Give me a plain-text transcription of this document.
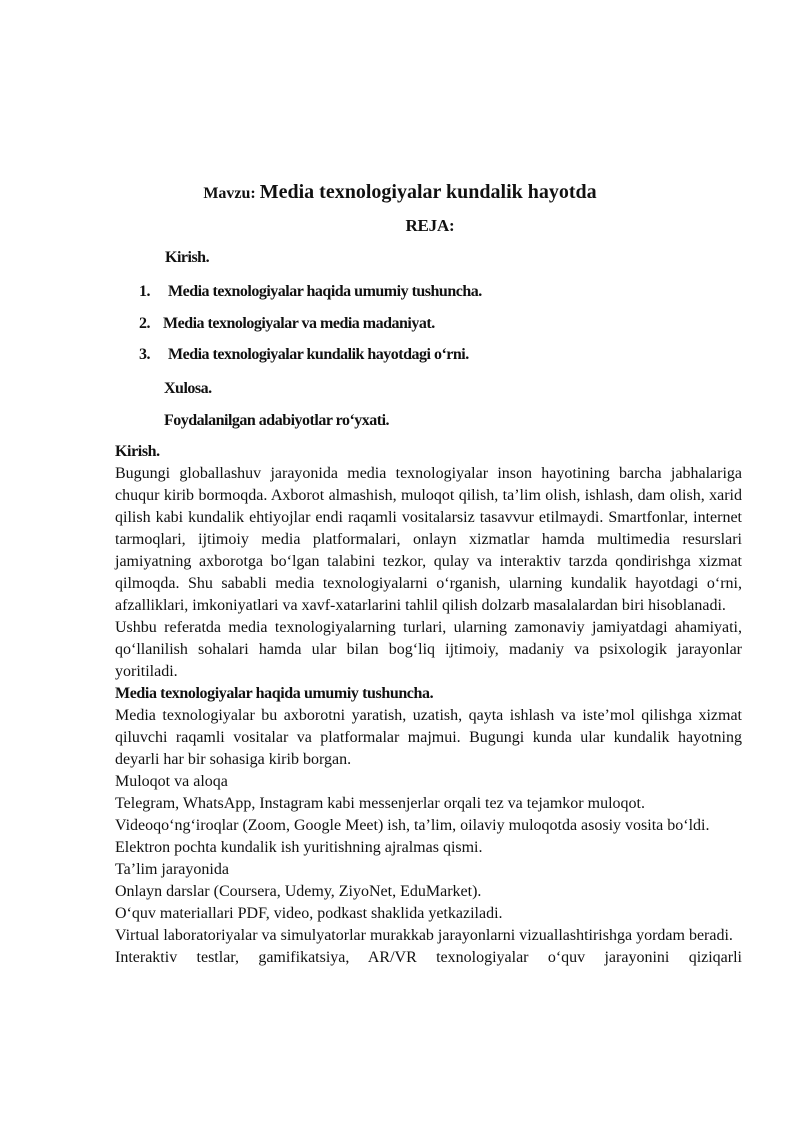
Mavzu: Media texnologiyalar kundalik hayotda
REJA:
Kirish.
1. Media texnologiyalar haqida umumiy tushuncha.
2. Media texnologiyalar va media madaniyat.
3. Media texnologiyalar kundalik hayotdagi o‘rni.
Xulosa.
Foydalanilgan adabiyotlar ro‘yxati.

Kirish.

Bugungi globallashuv jarayonida media texnologiyalar inson hayotining barcha jabhalariga chuqur kirib bormoqda. Axborot almashish, muloqot qilish, ta’lim olish, ishlash, dam olish, xarid qilish kabi kundalik ehtiyojlar endi raqamli vositalarsiz tasavvur etilmaydi. Smartfonlar, internet tarmoqlari, ijtimoiy media platformalari, onlayn xizmatlar hamda multimedia resurslari jamiyatning axborotga bo‘lgan talabini tezkor, qulay va interaktiv tarzda qondirishga xizmat qilmoqda. Shu sababli media texnologiyalarni o‘rganish, ularning kundalik hayotdagi o‘rni, afzalliklari, imkoniyatlari va xavf-xatarlarini tahlil qilish dolzarb masalalardan biri hisoblanadi.

Ushbu referatda media texnologiyalarning turlari, ularning zamonaviy jamiyatdagi ahamiyati, qo‘llanilish sohalari hamda ular bilan bog‘liq ijtimoiy, madaniy va psixologik jarayonlar yoritiladi.

Media texnologiyalar haqida umumiy tushuncha.

Media texnologiyalar bu axborotni yaratish, uzatish, qayta ishlash va iste’mol qilishga xizmat qiluvchi raqamli vositalar va platformalar majmui. Bugungi kunda ular kundalik hayotning deyarli har bir sohasiga kirib borgan.

Muloqot va aloqa

Telegram, WhatsApp, Instagram kabi messenjerlar orqali tez va tejamkor muloqot.

Videoqo‘ng‘iroqlar (Zoom, Google Meet) ish, ta’lim, oilaviy muloqotda asosiy vosita bo‘ldi.

Elektron pochta kundalik ish yuritishning ajralmas qismi.

Ta’lim jarayonida

Onlayn darslar (Coursera, Udemy, ZiyoNet, EduMarket).

O‘quv materiallari PDF, video, podkast shaklida yetkaziladi.

Virtual laboratoriyalar va simulyatorlar murakkab jarayonlarni vizuallashtirishga yordam beradi.

Interaktiv testlar, gamifikatsiya, AR/VR texnologiyalar o‘quv jarayonini qiziqarli
